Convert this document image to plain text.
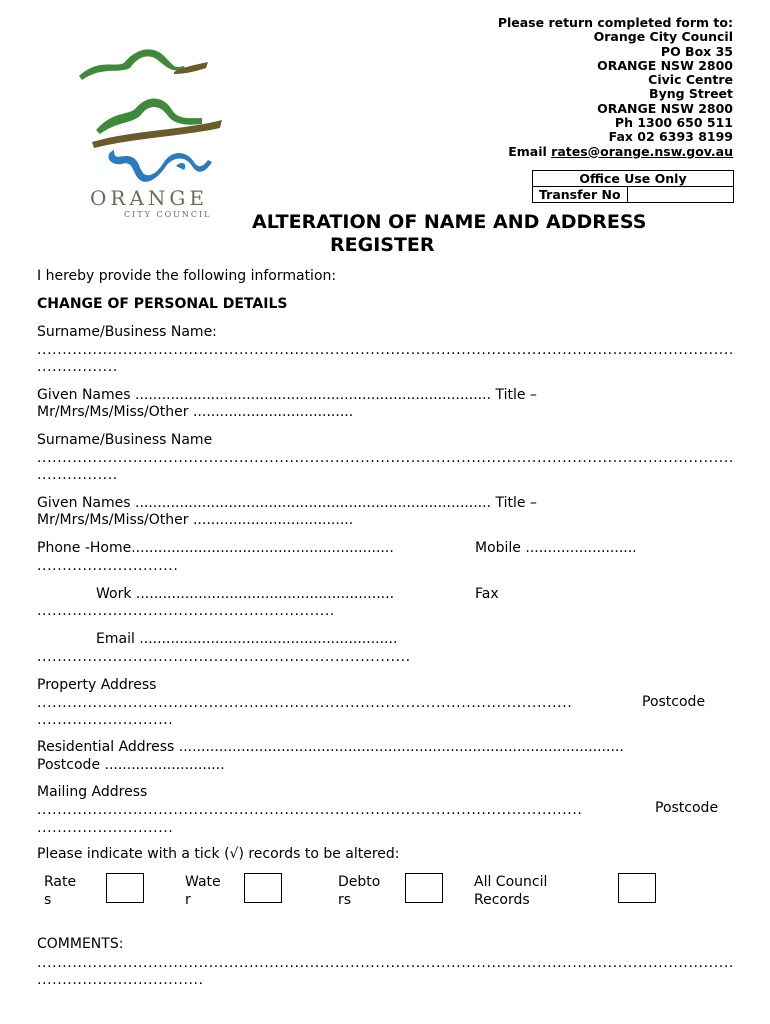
ORANGE
CITY COUNCIL
Please return completed form to:
Orange City Council
PO Box 35
ORANGE NSW 2800
Civic Centre
Byng Street
ORANGE NSW 2800
Ph 1300 650 511
Fax 02 6393 8199
Email rates@orange.nsw.gov.au
Office Use Only
Transfer No
ALTERATION OF NAME AND ADDRESS
REGISTER
I hereby provide the following information:
CHANGE OF PERSONAL DETAILS
Surname/Business Name:
..........................................................................................................................................
................
Given Names ................................................................................ Title –
Mr/Mrs/Ms/Miss/Other ....................................
Surname/Business Name
..........................................................................................................................................
................
Given Names ................................................................................ Title –
Mr/Mrs/Ms/Miss/Other ....................................
Phone -Home...........................................................	Mobile .........................
............................
Work ..........................................................	Fax
...........................................................
Email ..........................................................
..........................................................................
Property Address
..........................................................................................................	Postcode
...........................
Residential Address ....................................................................................................
Postcode ...........................
Mailing Address
............................................................................................................	Postcode
...........................
Please indicate with a tick (√) records to be altered:
Rate
s
Wate
r
Debto
rs
All Council
Records
COMMENTS:
..........................................................................................................................................
.................................
